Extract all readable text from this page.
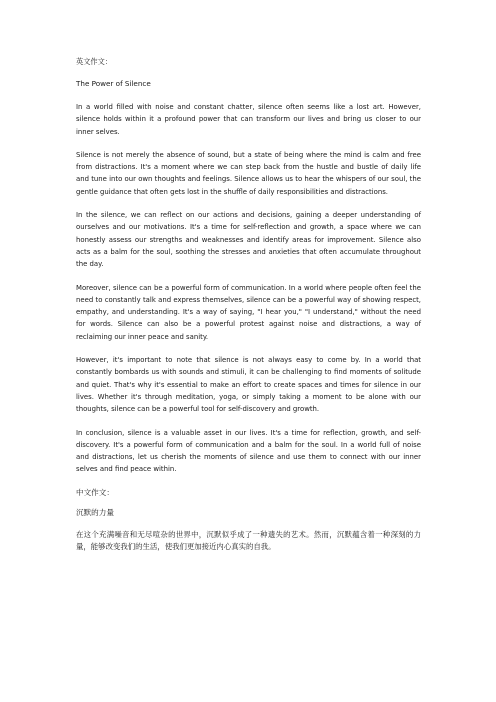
英文作文：
The Power of Silence

In a world filled with noise and constant chatter, silence often seems like a lost art. However, silence holds within it a profound power that can transform our lives and bring us closer to our inner selves.

Silence is not merely the absence of sound, but a state of being where the mind is calm and free from distractions. It's a moment where we can step back from the hustle and bustle of daily life and tune into our own thoughts and feelings. Silence allows us to hear the whispers of our soul, the gentle guidance that often gets lost in the shuffle of daily responsibilities and distractions.

In the silence, we can reflect on our actions and decisions, gaining a deeper understanding of ourselves and our motivations. It's a time for self-reflection and growth, a space where we can honestly assess our strengths and weaknesses and identify areas for improvement. Silence also acts as a balm for the soul, soothing the stresses and anxieties that often accumulate throughout the day.

Moreover, silence can be a powerful form of communication. In a world where people often feel the need to constantly talk and express themselves, silence can be a powerful way of showing respect, empathy, and understanding. It's a way of saying, "I hear you," "I understand," without the need for words. Silence can also be a powerful protest against noise and distractions, a way of reclaiming our inner peace and sanity.

However, it's important to note that silence is not always easy to come by. In a world that constantly bombards us with sounds and stimuli, it can be challenging to find moments of solitude and quiet. That's why it's essential to make an effort to create spaces and times for silence in our lives. Whether it's through meditation, yoga, or simply taking a moment to be alone with our thoughts, silence can be a powerful tool for self-discovery and growth.

In conclusion, silence is a valuable asset in our lives. It's a time for reflection, growth, and self-discovery. It's a powerful form of communication and a balm for the soul. In a world full of noise and distractions, let us cherish the moments of silence and use them to connect with our inner selves and find peace within.

中文作文：
沉默的力量

在这个充满噪音和无尽喧杂的世界中，沉默似乎成了一种遗失的艺术。然而，沉默蕴含着一种深刻的力量，能够改变我们的生活，使我们更加接近内心真实的自我。
